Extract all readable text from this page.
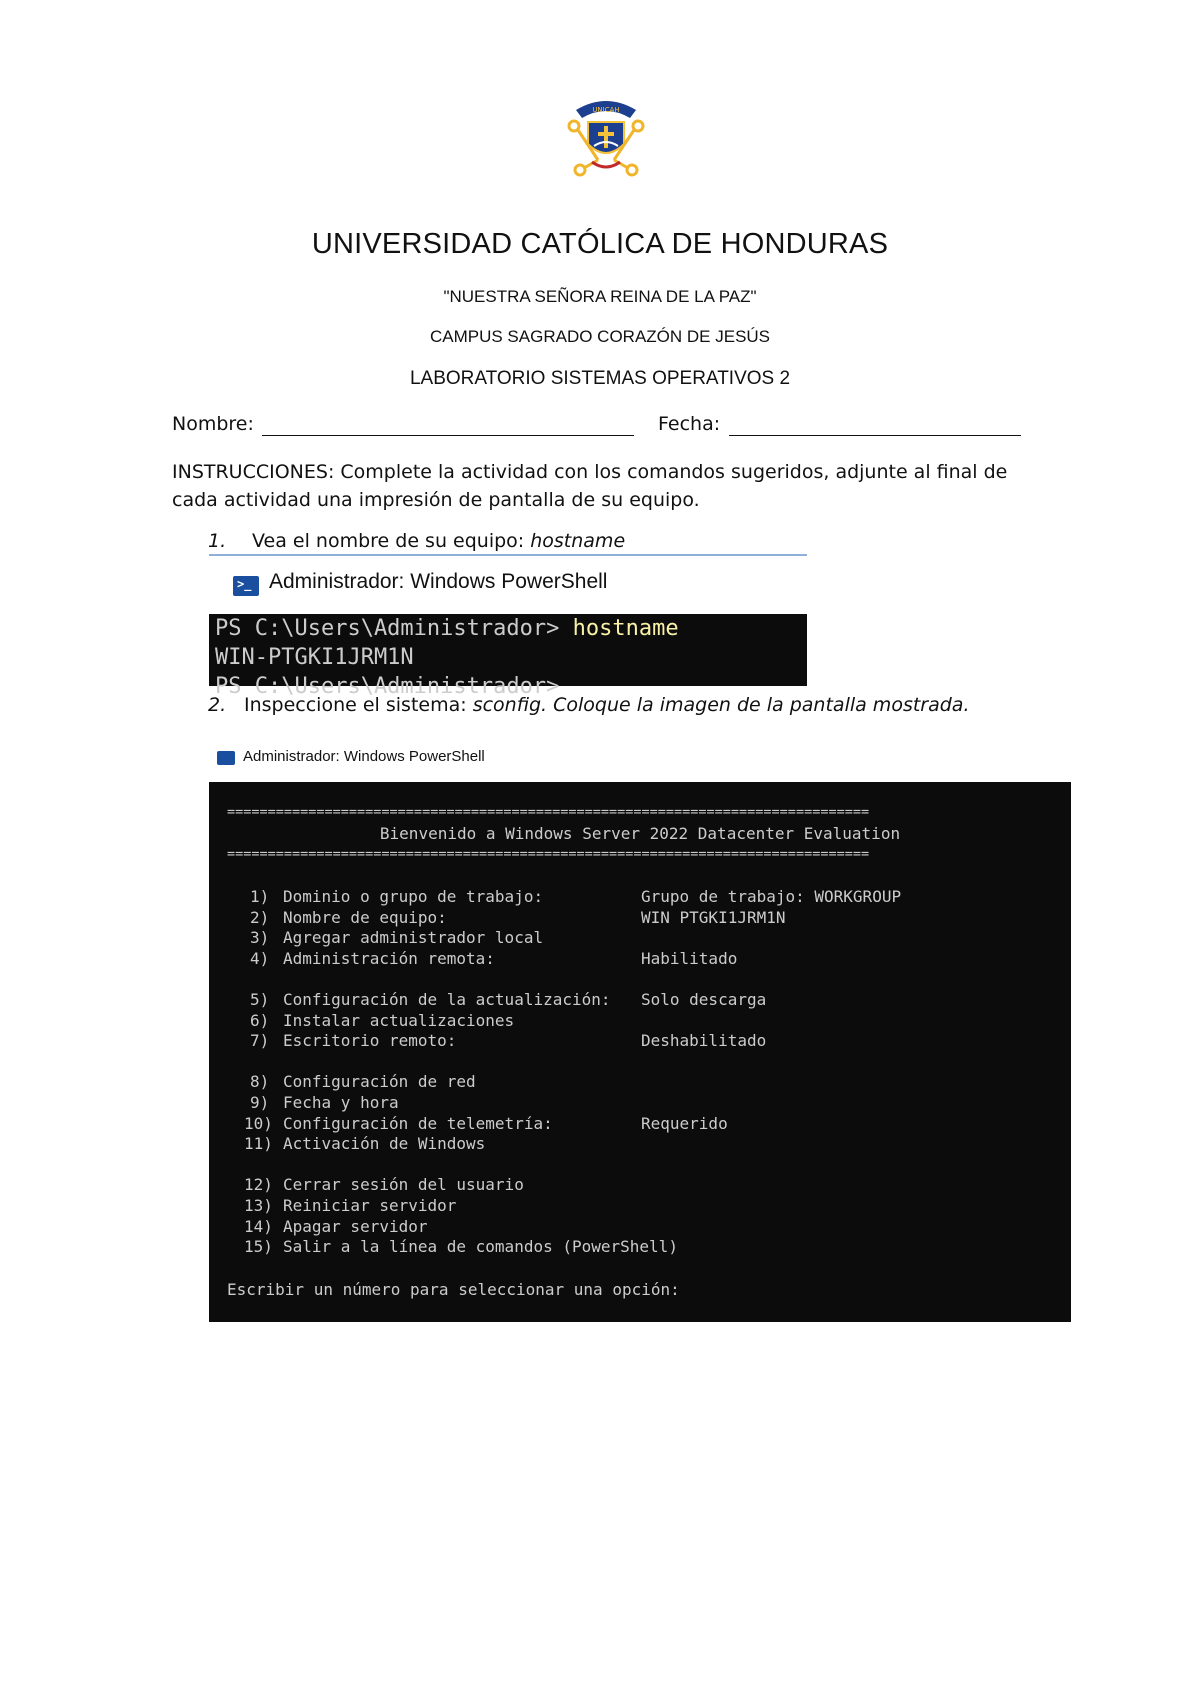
UNICAH
UNIVERSIDAD CATÓLICA DE HONDURAS
"NUESTRA SEÑORA REINA DE LA PAZ"
CAMPUS SAGRADO CORAZÓN DE JESÚS
LABORATORIO SISTEMAS OPERATIVOS 2
Nombre:	Fecha:
INSTRUCCIONES: Complete la actividad con los comandos sugeridos, adjunte al final de cada actividad una impresión de pantalla de su equipo.
1. Vea el nombre de su equipo: hostname
>_
Administrador: Windows PowerShell
PS C:\Users\Administrador> hostname
WIN-PTGKI1JRM1N
PS C:\Users\Administrador>
2. Inspeccione el sistema: sconfig. Coloque la imagen de la pantalla mostrada.
Administrador: Windows PowerShell
===============================================================================
Bienvenido a Windows Server 2022 Datacenter Evaluation
===============================================================================
Escribir un número para seleccionar una opción:
1) Dominio o grupo de trabajo:	Grupo de trabajo: WORKGROUP
2) Nombre de equipo:	WIN PTGKI1JRM1N
3) Agregar administrador local
4) Administración remota:	Habilitado
5) Configuración de la actualización: Solo descarga
6) Instalar actualizaciones
7) Escritorio remoto:	Deshabilitado
8) Configuración de red
9) Fecha y hora
10) Configuración de telemetría:	Requerido
11) Activación de Windows
12) Cerrar sesión del usuario
13) Reiniciar servidor
14) Apagar servidor
15) Salir a la línea de comandos (PowerShell)
